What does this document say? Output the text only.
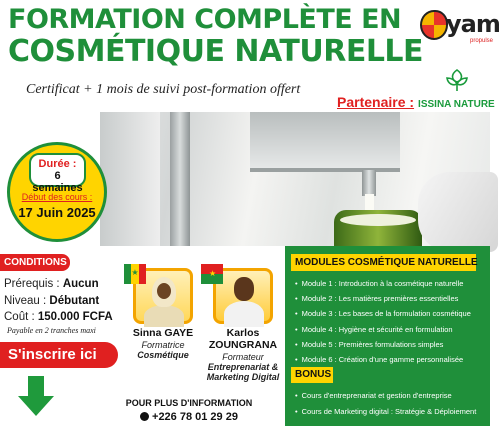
FORMATION COMPLÈTE EN
COSMÉTIQUE NATURELLE
Certificat + 1 mois de suivi post-formation offert
yam
propulse
Partenaire : ISSINA NATURE
Durée :
6 semaines
Début des cours :
17 Juin 2025
CONDITIONS
Prérequis : Aucun
Niveau : Débutant
Coût : 150.000 FCFA
Payable en 2 tranches maxi
S'inscrire ici
★
Sinna GAYE
Formatrice
Cosmétique
★
Karlos
ZOUNGRANA
Formateur
Entreprenariat &
Marketing Digital
POUR PLUS D'INFORMATION
+226 78 01 29 29
MODULES COSMÉTIQUE NATURELLE
• Module 1 : Introduction à la cosmétique naturelle
• Module 2 : Les matières premières essentielles
• Module 3 : Les bases de la formulation cosmétique
• Module 4 : Hygiène et sécurité en formulation
• Module 5 : Premières formulations simples
• Module 6 : Création d'une gamme personnalisée
BONUS
• Cours d'entreprenariat et gestion d'entreprise
• Cours de Marketing digital : Stratégie & Déploiement
